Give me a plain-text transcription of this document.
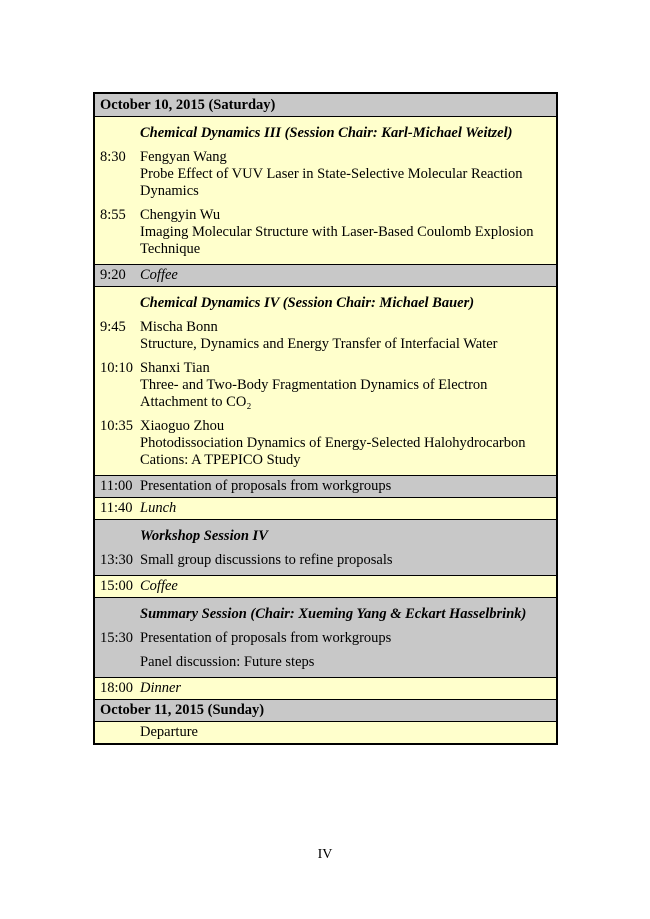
October 10, 2015 (Saturday)
Chemical Dynamics III (Session Chair: Karl-Michael Weitzel)
8:30 Fengyan Wang
Probe Effect of VUV Laser in State-Selective Molecular Reaction Dynamics
8:55 Chengyin Wu
Imaging Molecular Structure with Laser-Based Coulomb Explosion Technique
9:20 Coffee
Chemical Dynamics IV (Session Chair: Michael Bauer)
9:45 Mischa Bonn
Structure, Dynamics and Energy Transfer of Interfacial Water
10:10 Shanxi Tian
Three- and Two-Body Fragmentation Dynamics of Electron Attachment to CO₂
10:35 Xiaoguo Zhou
Photodissociation Dynamics of Energy-Selected Halohydrocarbon Cations: A TPEPICO Study
11:00 Presentation of proposals from workgroups
11:40 Lunch
Workshop Session IV
13:30 Small group discussions to refine proposals
15:00 Coffee
Summary Session (Chair: Xueming Yang & Eckart Hasselbrink)
15:30 Presentation of proposals from workgroups
Panel discussion: Future steps
18:00 Dinner
October 11, 2015 (Sunday)
Departure
IV
